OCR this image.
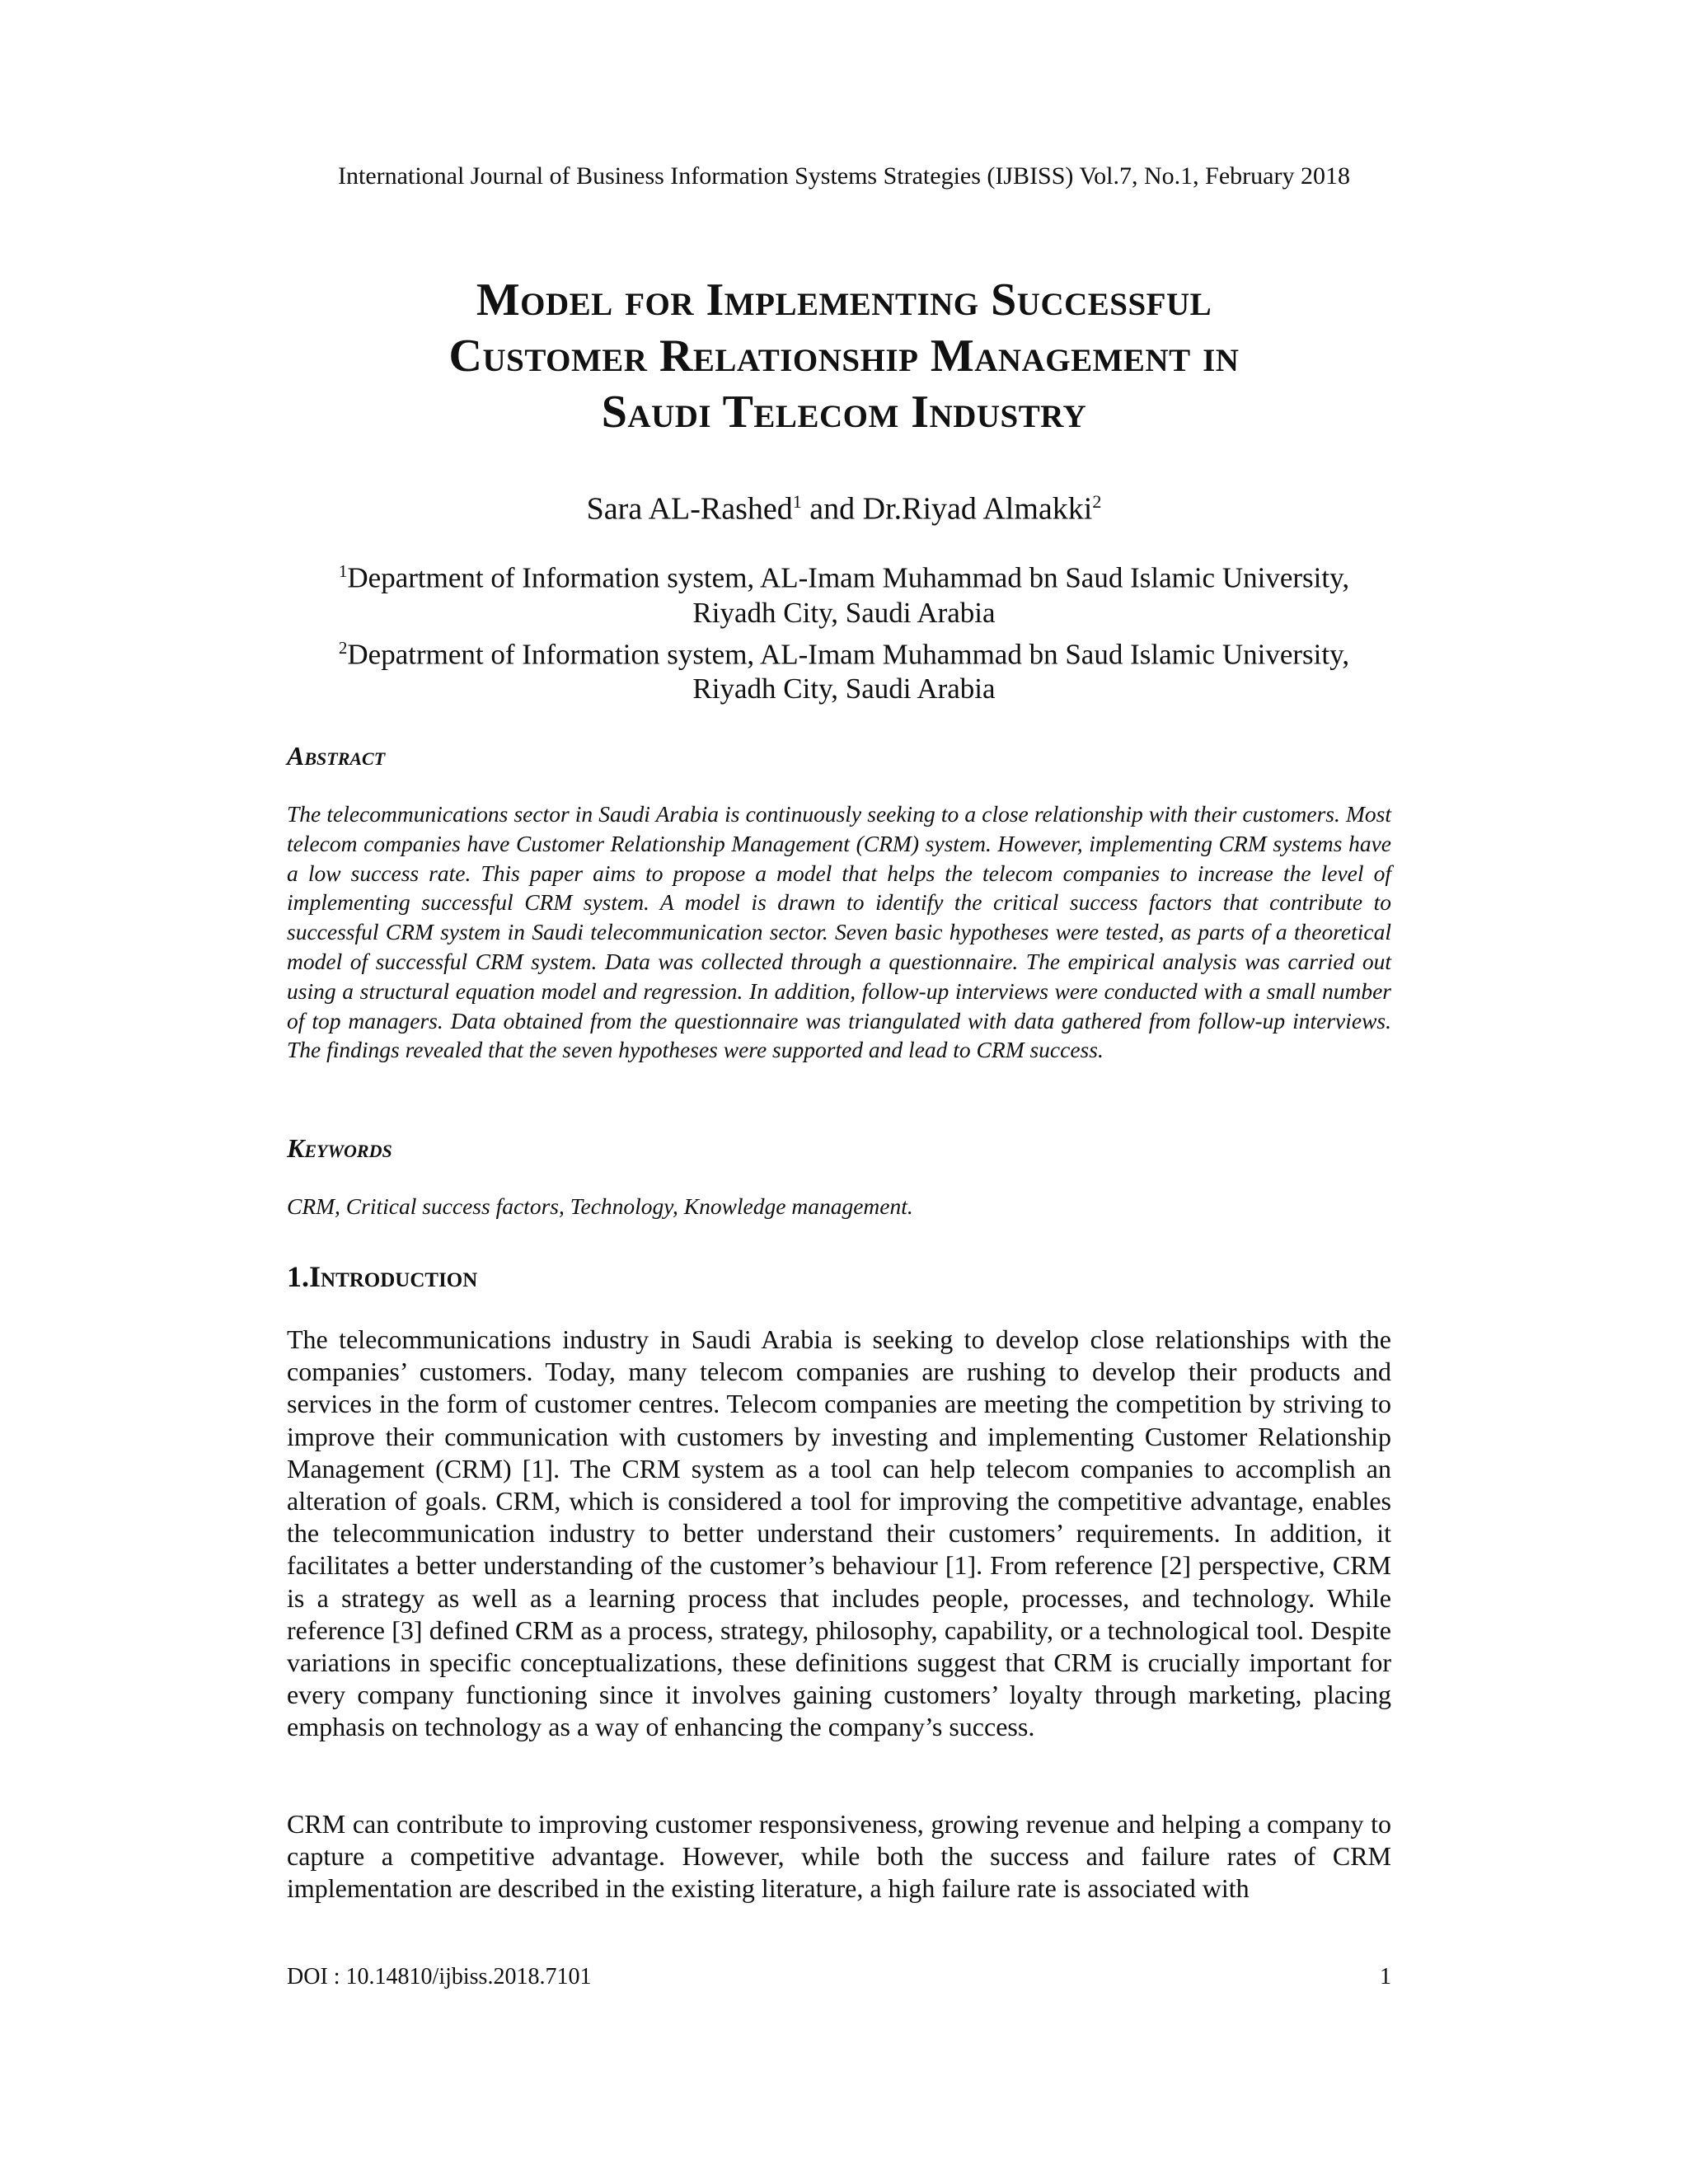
International Journal of Business Information Systems Strategies (IJBISS) Vol.7, No.1, February 2018
Model for Implementing Successful
Customer Relationship Management in
Saudi Telecom Industry
Sara AL-Rashed$^1$ and Dr.Riyad Almakki$^2$
$^1$Department of Information system, AL-Imam Muhammad bn Saud Islamic University,
Riyadh City, Saudi Arabia
$^2$Depatrment of Information system, AL-Imam Muhammad bn Saud Islamic University,
Riyadh City, Saudi Arabia
Abstract

The telecommunications sector in Saudi Arabia is continuously seeking to a close relationship with their customers. Most telecom companies have Customer Relationship Management (CRM) system. However, implementing CRM systems have a low success rate. This paper aims to propose a model that helps the telecom companies to increase the level of implementing successful CRM system. A model is drawn to identify the critical success factors that contribute to successful CRM system in Saudi telecommunication sector. Seven basic hypotheses were tested, as parts of a theoretical model of successful CRM system. Data was collected through a questionnaire. The empirical analysis was carried out using a structural equation model and regression. In addition, follow-up interviews were conducted with a small number of top managers. Data obtained from the questionnaire was triangulated with data gathered from follow-up interviews. The findings revealed that the seven hypotheses were supported and lead to CRM success.

Keywords

CRM, Critical success factors, Technology, Knowledge management.

1.Introduction

The telecommunications industry in Saudi Arabia is seeking to develop close relationships with the companies’ customers. Today, many telecom companies are rushing to develop their products and services in the form of customer centres. Telecom companies are meeting the competition by striving to improve their communication with customers by investing and implementing Customer Relationship Management (CRM) [1]. The CRM system as a tool can help telecom companies to accomplish an alteration of goals. CRM, which is considered a tool for improving the competitive advantage, enables the telecommunication industry to better understand their customers’ requirements. In addition, it facilitates a better understanding of the customer’s behaviour [1]. From reference [2] perspective, CRM is a strategy as well as a learning process that includes people, processes, and technology. While reference [3] defined CRM as a process, strategy, philosophy, capability, or a technological tool. Despite variations in specific conceptualizations, these definitions suggest that CRM is crucially important for every company functioning since it involves gaining customers’ loyalty through marketing, placing emphasis on technology as a way of enhancing the company’s success.

CRM can contribute to improving customer responsiveness, growing revenue and helping a company to capture a competitive advantage. However, while both the success and failure rates of CRM implementation are described in the existing literature, a high failure rate is associated with

DOI : 10.14810/ijbiss.2018.7101	1
